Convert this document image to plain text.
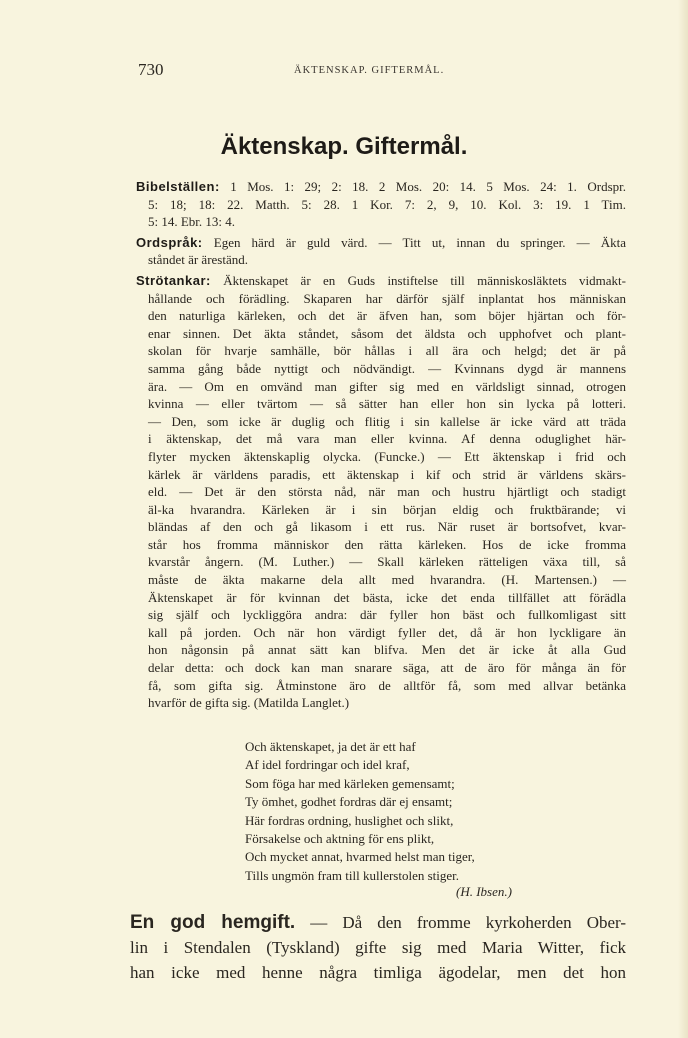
730	ÄKTENSKAP. GIFTERMÅL.
Äktenskap. Giftermål.
Bibelställen: 1 Mos. 1: 29; 2: 18. 2 Mos. 20: 14. 5 Mos. 24: 1. Ordspr.
5: 18; 18: 22. Matth. 5: 28. 1 Kor. 7: 2, 9, 10. Kol. 3: 19. 1 Tim.
5: 14. Ebr. 13: 4.
Ordspråk: Egen härd är guld värd. — Titt ut, innan du springer. — Äkta
ståndet är äreständ.
Strötankar: Äktenskapet är en Guds instiftelse till människosläktets vidmakt-
hållande och förädling. Skaparen har därför själf inplantat hos människan
den naturliga kärleken, och det är äfven han, som böjer hjärtan och för-
enar sinnen. Det äkta ståndet, såsom det äldsta och upphofvet och plant-
skolan för hvarje samhälle, bör hållas i all ära och helgd; det är på
samma gång både nyttigt och nödvändigt. — Kvinnans dygd är mannens
ära. — Om en omvänd man gifter sig med en världsligt sinnad, otrogen
kvinna — eller tvärtom — så sätter han eller hon sin lycka på lotteri.
— Den, som icke är duglig och flitig i sin kallelse är icke värd att träda
i äktenskap, det må vara man eller kvinna. Af denna oduglighet här-
flyter mycken äktenskaplig olycka. (Funcke.) — Ett äktenskap i frid och
kärlek är världens paradis, ett äktenskap i kif och strid är världens skärs-
eld. — Det är den största nåd, när man och hustru hjärtligt och stadigt
äl-ka hvarandra. Kärleken är i sin början eldig och fruktbärande; vi
bländas af den och gå likasom i ett rus. När ruset är bortsofvet, kvar-
står hos fromma människor den rätta kärleken. Hos de icke fromma
kvarstår ångern. (M. Luther.) — Skall kärleken rätteligen växa till, så
måste de äkta makarne dela allt med hvarandra. (H. Martensen.) —
Äktenskapet är för kvinnan det bästa, icke det enda tillfället att förädla
sig själf och lyckliggöra andra: där fyller hon bäst och fullkomligast sitt
kall på jorden. Och när hon värdigt fyller det, då är hon lyckligare än
hon någonsin på annat sätt kan blifva. Men det är icke åt alla Gud
delar detta: och dock kan man snarare säga, att de äro för många än för
få, som gifta sig. Åtminstone äro de alltför få, som med allvar betänka
hvarför de gifta sig. (Matilda Langlet.)
Och äktenskapet, ja det är ett haf
Af idel fordringar och idel kraf,
Som föga har med kärleken gemensamt;
Ty ömhet, godhet fordras där ej ensamt;
Här fordras ordning, huslighet och slikt,
Försakelse och aktning för ens plikt,
Och mycket annat, hvarmed helst man tiger,
Tills ungmön fram till kullerstolen stiger.
(H. Ibsen.)
En god hemgift. — Då den fromme kyrkoherden Ober-
lin i Stendalen (Tyskland) gifte sig med Maria Witter, fick
han icke med henne några timliga ägodelar, men det hon
